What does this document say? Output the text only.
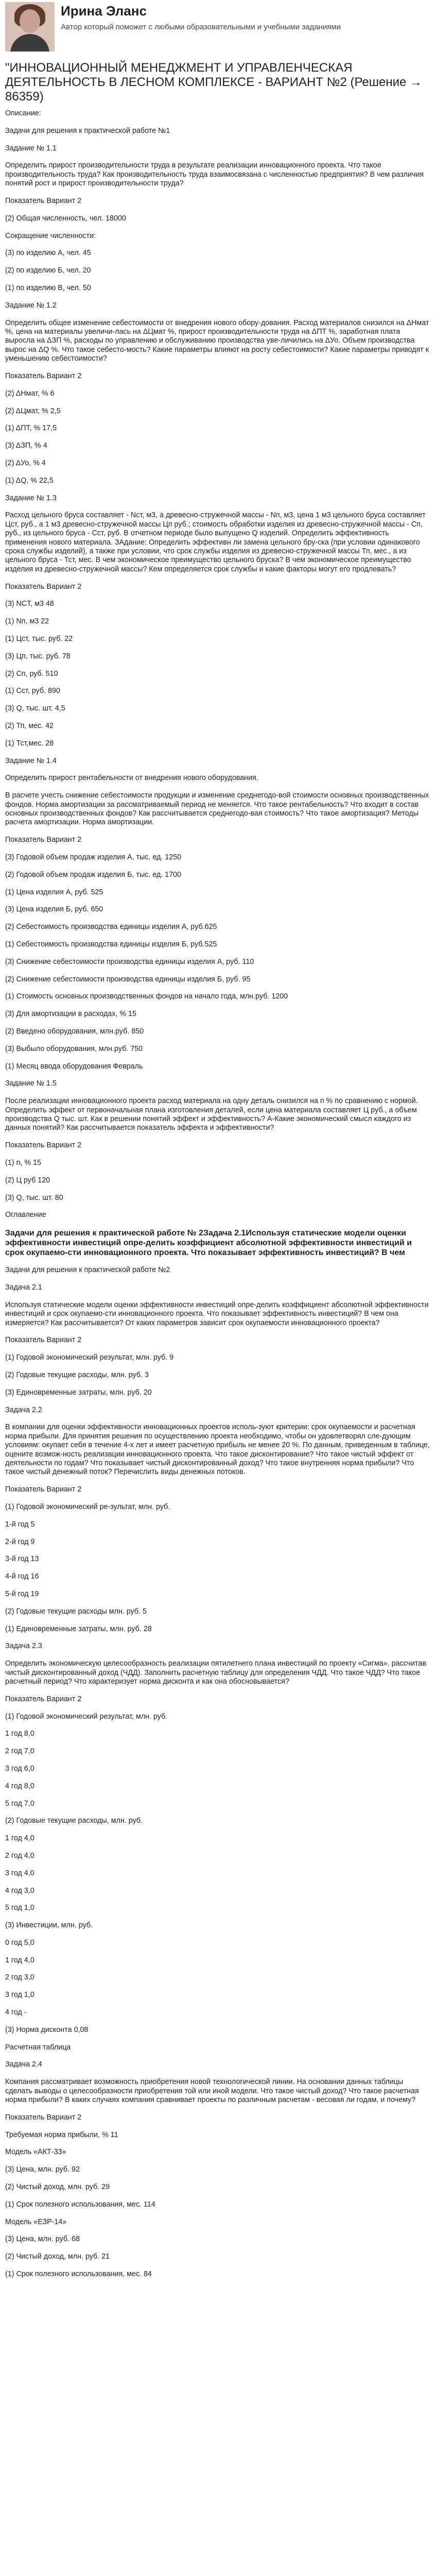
Ирина Эланс
Автор который поможет с любыми образовательными и учебными заданиями
"ИННОВАЦИОННЫЙ МЕНЕДЖМЕНТ И УПРАВЛЕНЧЕСКАЯ ДЕЯТЕЛЬНОСТЬ В ЛЕСНОМ КОМПЛЕКСЕ - ВАРИАНТ №2 (Решение → 86359)

Описание:

Задачи для решения к практической работе №1

Задание № 1.1

Определить прирост производительности труда в результате реализации инновационного проекта. Что такое производительность труда? Как производительность труда взаимосвязана с численностью предприятия? В чем различия понятий рост и прирост производительности труда?

Показатель Вариант 2

(2) Общая численность, чел. 18000

Сокращение численности:

(3) по изделию А, чел. 45

(2) по изделию Б, чел. 20

(1) по изделию В, чел. 50

Задание № 1.2

Определить общее изменение себестоимости от внедрения нового обору-дования. Расход материалов снизился на ΔНмат %, цена на материалы увеличи-лась на ΔЦмат %, прирост производительности труда на ΔПТ %, заработная плата выросла на ΔЗП %, расходы по управлению и обслуживанию производства уве-личились на ΔУо. Объем производства вырос на ΔQ %. Что такое себесто-мость? Какие параметры влияют на росту себестоимости? Какие параметры приводят к уменьшению себестоимости?

Показатель Вариант 2

(2) ΔНмат, % 6

(2) ΔЦмат, % 2,5

(1) ΔПТ, % 17,5

(3) ΔЗП, % 4

(2) ΔУо, % 4

(1) ΔQ, % 22,5

Задание № 1.3

Расход цельного бруса составляет - Nст, м3, а древесно-стружечной массы - Nп, м3, цена 1 м3 цельного бруса составляет Цст, руб., а 1 м3 древесно-стружечной массы Цп руб.; стоимость обработки изделия из древесно-стружечной массы - Сп, руб., из цельного бруса - Сст, руб. В отчетном периоде было выпущено Q изделий. Определить эффективность применения нового материала. ЗАдание: Определить эффективн ли замена цельного бру-ска (при условии одинакового срока службы изделий), а также при условии, что срок службы изделия из древесно-стружечной массы Тп, мес., а из цельного бруса - Тст, мес. В чем экономическое преимущество цельного бруска? В чем экономическое преимущество изделия из древесно-стружечной массы? Кем определяется срок службы и какие факторы могут его продлевать?

Показатель Вариант 2

(3) NCT, м3 48

(1) Nп, м3 22

(1) Цст, тыс. руб. 22

(3) Цп, тыс. руб. 78

(2) Сп, руб. 510

(1) Сст, руб. 890

(3) Q, тыс. шт. 4,5

(2) Тп, мес. 42

(1) Тст,мес. 28

Задание № 1.4

Определить прирост рентабельности от внедрения нового оборудования.

В расчете учесть снижение себестоимости продукции и изменение среднегодо-вой стоимости основных производственных фондов. Норма амортизации за рассматриваемый период не меняется. Что такое рентабельность? Что входит в состав основных производственных фондов? Как рассчитывается среднегодо-вая стоимость? Что такое амортизация? Методы расчета амортизации. Норма амортизации.

Показатель Вариант 2

(3) Годовой объем продаж изделия А, тыс. ед. 1250

(2) Годовой объем продаж изделия Б, тыс. ед. 1700

(1) Цена изделия А, руб. 525

(3) Цена изделия Б, руб. 650

(2) Себестоимость производства единицы изделия А, руб.625

(1) Себестоимость производства единицы изделия Б, руб.525

(3) Снижение себестоимости производства единицы изделия А, руб. 110

(2) Снижение себестоимости производства единицы изделия Б, руб. 95

(1) Стоимость основных производственных фондов на начало года, млн.руб. 1200

(3) Для амортизации в расходах, % 15

(2) Введено оборудования, млн.руб. 850

(3) Выбыло оборудования, млн.руб. 750

(1) Месяц ввода оборудования Февраль

Задание № 1.5

После реализации инновационного проекта расход материала на одну деталь снизился на п % по сравнению с нормой. Определить эффект от первоначальная плана изготовления деталей, если цена материала составляет Ц руб., а объем производства Q тыс. шт. Как в решении понятий эффект и эффективность? А-Какие экономический смысл каждого из данных понятий? Как рассчитывается показатель эффекта и эффективности?

Показатель Вариант 2

(1) n, % 15

(2) Ц руб 120

(3) Q, тыс. шт. 80

Оглавление

Задачи для решения к практической работе № 2Задача 2.1Используя статические модели оценки эффективности инвестиций опре-делить коэффициент абсолютной эффективности инвестиций и срок окупаемо-сти инновационного проекта. Что показывает эффективность инвестиций? В чем

Задачи для решения к практической работе №2

Задача 2.1

Используя статические модели оценки эффективности инвестиций опре-делить коэффициент абсолютной эффективности инвестиций и срок окупаемо-сти инновационного проекта. Что показывает эффективность инвестиций? В чем она измеряется? Как рассчитывается? От каких параметров зависит срок окупаемости инновационного проекта?

Показатель Вариант 2

(1) Годовой экономический результат, млн. руб. 9

(2) Годовые текущие расходы, млн. руб. 3

(3) Единовременные затраты, млн. руб. 20

Задача 2.2

В компании для оценки эффективности инновационных проектов исполь-зуют критерии: срок окупаемости и расчетная норма прибыли. Для принятия решения по осуществлению проекта необходимо, чтобы он удовлетворял сле-дующим условиям: окупает себя в течение 4-х лет и имеет расчетную прибыль не менее 20 %. По данным, приведенным в таблице, оцените возмож-ность реализации инновационного проекта. Что такое дисконтирование? Что такое чистый эффект от деятельности по годам? Что показывает чистый дисконтированный доход? Что такое внутренняя норма прибыли? Что такое чистый денежный поток? Перечислить виды денежных потоков.

Показатель Вариант 2

(1) Годовой экономический ре-зультат, млн. руб.

1-й год 5

2-й год 9

3-й год 13

4-й год 16

5-й год 19

(2) Годовые текущие расходы млн. руб. 5

(1) Единовременные затраты, млн. руб. 28

Задача 2.3

Определить экономическую целесообразность реализации пятилетнего плана инвестиций по проекту «Сигма», рассчитав чистый дисконтированный доход (ЧДД). Заполнить расчетную таблицу для определения ЧДД. Что такое ЧДД? Что такое расчетный период? Что характеризует норма дисконта и как она обосновывается?

Показатель Вариант 2

(1) Годовой экономический результат, млн. руб.

1 год 8,0

2 год 7,0

3 год 6,0

4 год 8,0

5 год 7,0

(2) Годовые текущие расходы, млн. руб.

1 год 4,0

2 год 4,0

3 год 4,0

4 год 3,0

5 год 1,0

(3) Инвестиции, млн. руб.

0 год 5,0

1 год 4,0

2 год 3,0

3 год 1,0

4 год -

(3) Норма дисконта 0,08

Расчетная таблица

Задача 2.4

Компания рассматривает возможность приобретения новой технологической линии. На основании данных таблицы сделать выводы о целесообразности приобретения той или иной модели. Что такое чистый доход? Что такое расчетная норма прибыли? В каких случаях компания сравнивает проекты по различным расчетам - весовая ли годам, и почему?

Показатель Вариант 2

Требуемая норма прибыли, % 11

Модель «АКТ-33»

(3) Цена, млн. руб. 92

(2) Чистый доход, млн. руб. 29

(1) Срок полезного использования, мес. 114

Модель «ЕЗР-14»

(3) Цена, млн. руб. 68

(2) Чистый доход, млн. руб. 21

(1) Срок полезного использования, мес. 84
